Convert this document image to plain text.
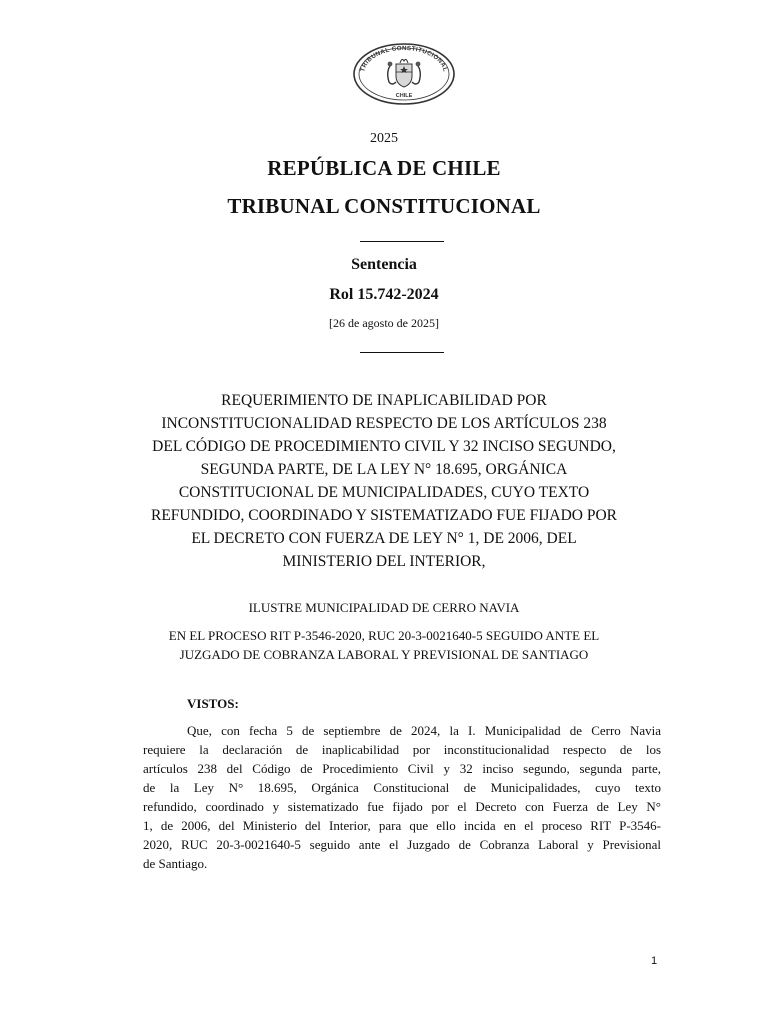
TRIBUNAL CONSTITUCIONAL
CHILE
2025
REPÚBLICA DE CHILE
TRIBUNAL CONSTITUCIONAL
Sentencia
Rol 15.742-2024
[26 de agosto de 2025]
REQUERIMIENTO DE INAPLICABILIDAD POR
INCONSTITUCIONALIDAD RESPECTO DE LOS ARTÍCULOS 238
DEL CÓDIGO DE PROCEDIMIENTO CIVIL Y 32 INCISO SEGUNDO,
SEGUNDA PARTE, DE LA LEY N° 18.695, ORGÁNICA
CONSTITUCIONAL DE MUNICIPALIDADES, CUYO TEXTO
REFUNDIDO, COORDINADO Y SISTEMATIZADO FUE FIJADO POR
EL DECRETO CON FUERZA DE LEY N° 1, DE 2006, DEL
MINISTERIO DEL INTERIOR,
ILUSTRE MUNICIPALIDAD DE CERRO NAVIA
EN EL PROCESO RIT P-3546-2020, RUC 20-3-0021640-5 SEGUIDO ANTE EL
JUZGADO DE COBRANZA LABORAL Y PREVISIONAL DE SANTIAGO
VISTOS:
Que, con fecha 5 de septiembre de 2024, la I. Municipalidad de Cerro Navia
requiere la declaración de inaplicabilidad por inconstitucionalidad respecto de los
artículos 238 del Código de Procedimiento Civil y 32 inciso segundo, segunda parte,
de la Ley N° 18.695, Orgánica Constitucional de Municipalidades, cuyo texto
refundido, coordinado y sistematizado fue fijado por el Decreto con Fuerza de Ley N°
1, de 2006, del Ministerio del Interior, para que ello incida en el proceso RIT P-3546-
2020, RUC 20-3-0021640-5 seguido ante el Juzgado de Cobranza Laboral y Previsional
de Santiago.
1
